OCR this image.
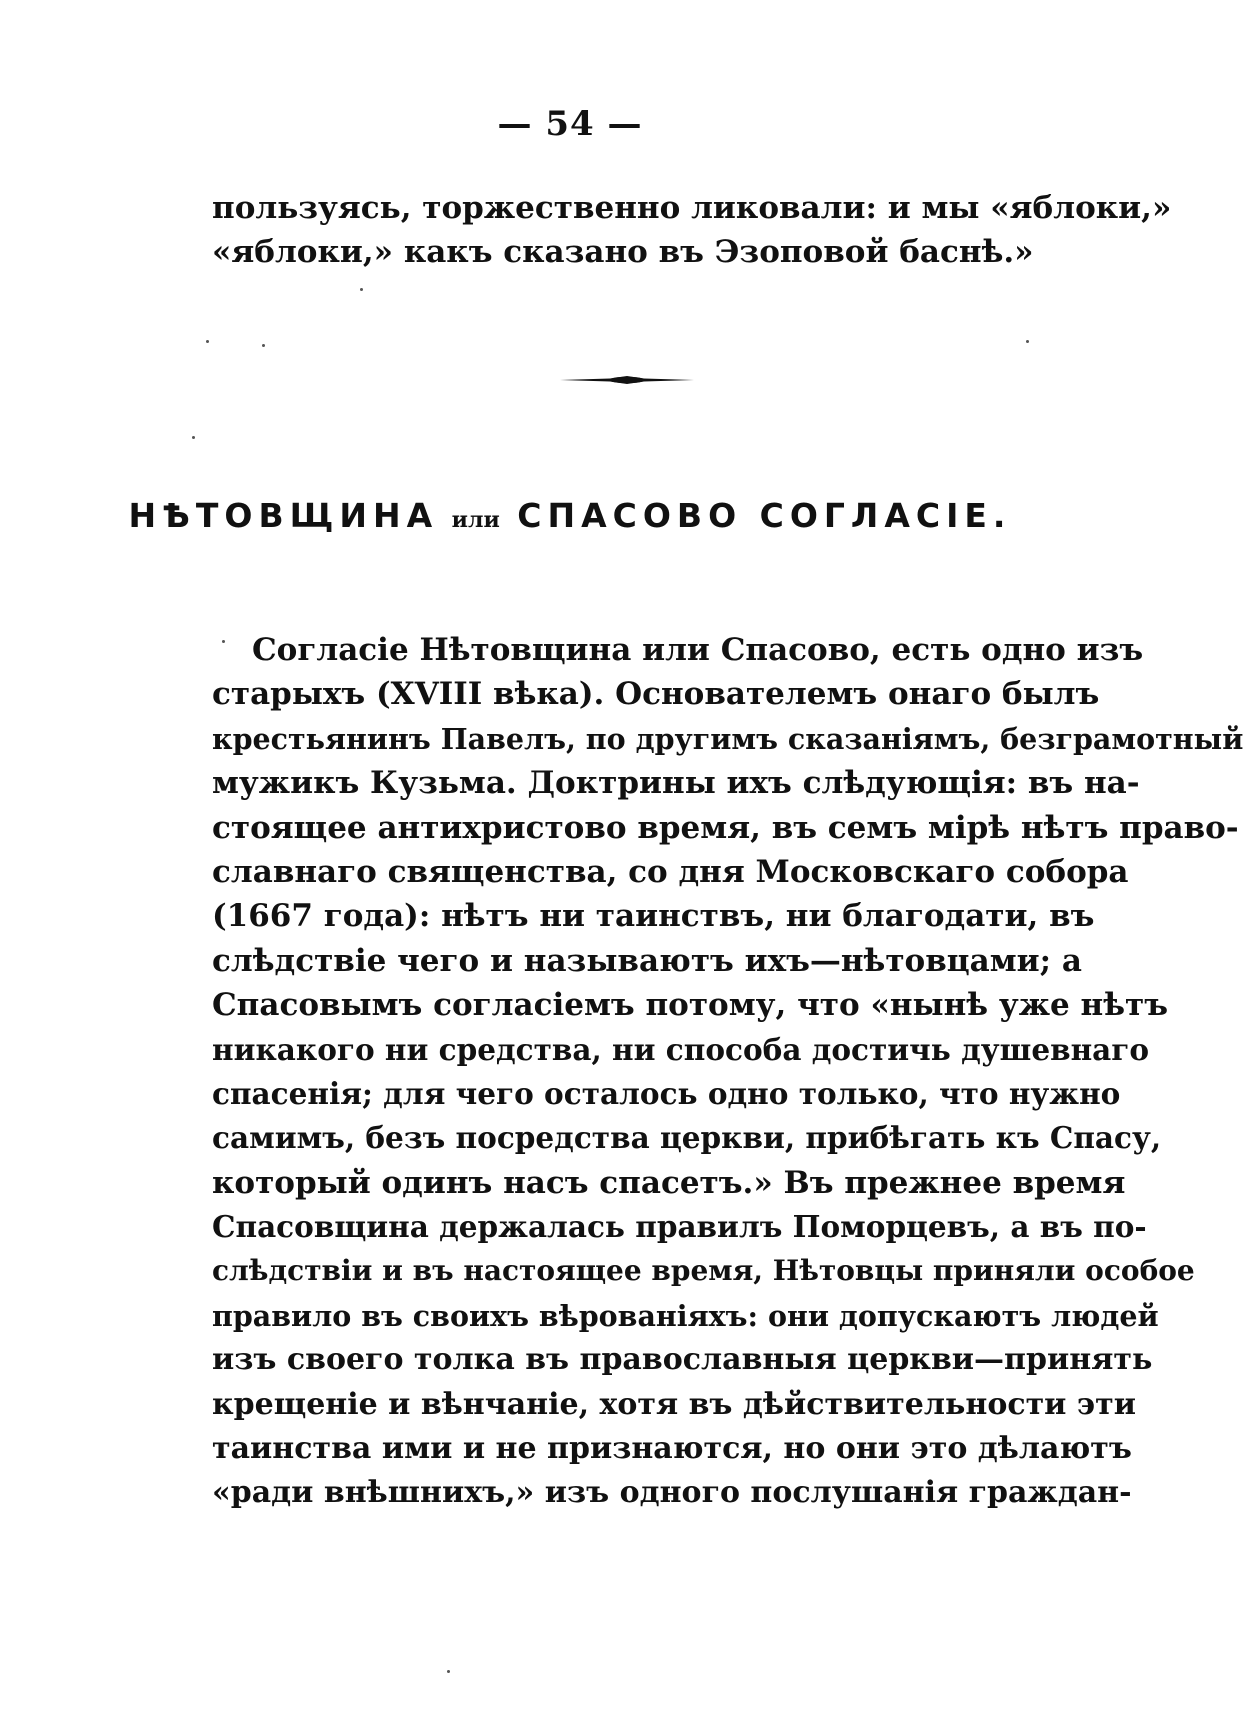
— 54 —
пользуясь, торжественно ликовали: и мы «яблоки,»
«яблоки,» какъ сказано въ Эзоповой баснѣ.»
НѢТОВЩИНА или СПАСОВО СОГЛАСІЕ.
Согласіе Нѣтовщина или Спасово, есть одно изъ
старыхъ (XVIII вѣка). Основателемъ онаго былъ
крестьянинъ Павелъ, по другимъ сказаніямъ, безграмотный
мужикъ Кузьма. Доктрины ихъ слѣдующія: въ на-
стоящее антихристово время, въ семъ мірѣ нѣтъ право-
славнаго священства, со дня Московскаго собора
(1667 года): нѣтъ ни таинствъ, ни благодати, въ
слѣдствіе чего и называютъ ихъ—нѣтовцами; а
Спасовымъ согласіемъ потому, что «нынѣ уже нѣтъ
никакого ни средства, ни способа достичь душевнаго
спасенія; для чего осталось одно только, что нужно
самимъ, безъ посредства церкви, прибѣгать къ Спасу,
который одинъ насъ спасетъ.» Въ прежнее время
Спасовщина держалась правилъ Поморцевъ, а въ по-
слѣдствіи и въ настоящее время, Нѣтовцы приняли особое
правило въ своихъ вѣрованіяхъ: они допускаютъ людей
изъ своего толка въ православныя церкви—принять
крещеніе и вѣнчаніе, хотя въ дѣйствительности эти
таинства ими и не признаются, но они это дѣлаютъ
«ради внѣшнихъ,» изъ одного послушанія граждан-
